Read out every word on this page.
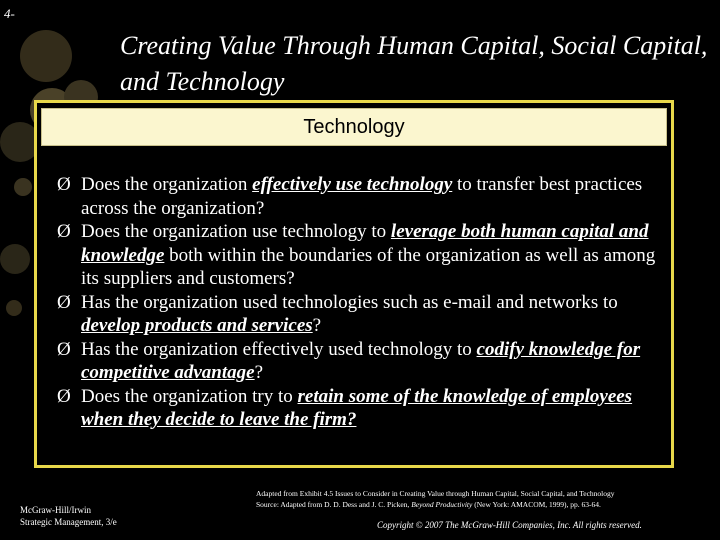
4-
Creating Value Through Human Capital, Social Capital, and Technology
Technology
Ø Does the organization effectively use technology to transfer best practices across the organization?
Ø Does the organization use technology to leverage both human capital and knowledge both within the boundaries of the organization as well as among its suppliers and customers?
Ø Has the organization used technologies such as e-mail and networks to develop products and services?
Ø Has the organization effectively used technology to codify knowledge for competitive advantage?
Ø Does the organization try to retain some of the knowledge of employees when they decide to leave the firm?
McGraw-Hill/Irwin
Strategic Management, 3/e
Adapted from Exhibit 4.5 Issues to Consider in Creating Value through Human Capital, Social Capital, and Technology
Source: Adapted from D. D. Dess and J. C. Picken, Beyond Productivity (New York: AMACOM, 1999), pp. 63-64.
Copyright © 2007 The McGraw-Hill Companies, Inc. All rights reserved.
